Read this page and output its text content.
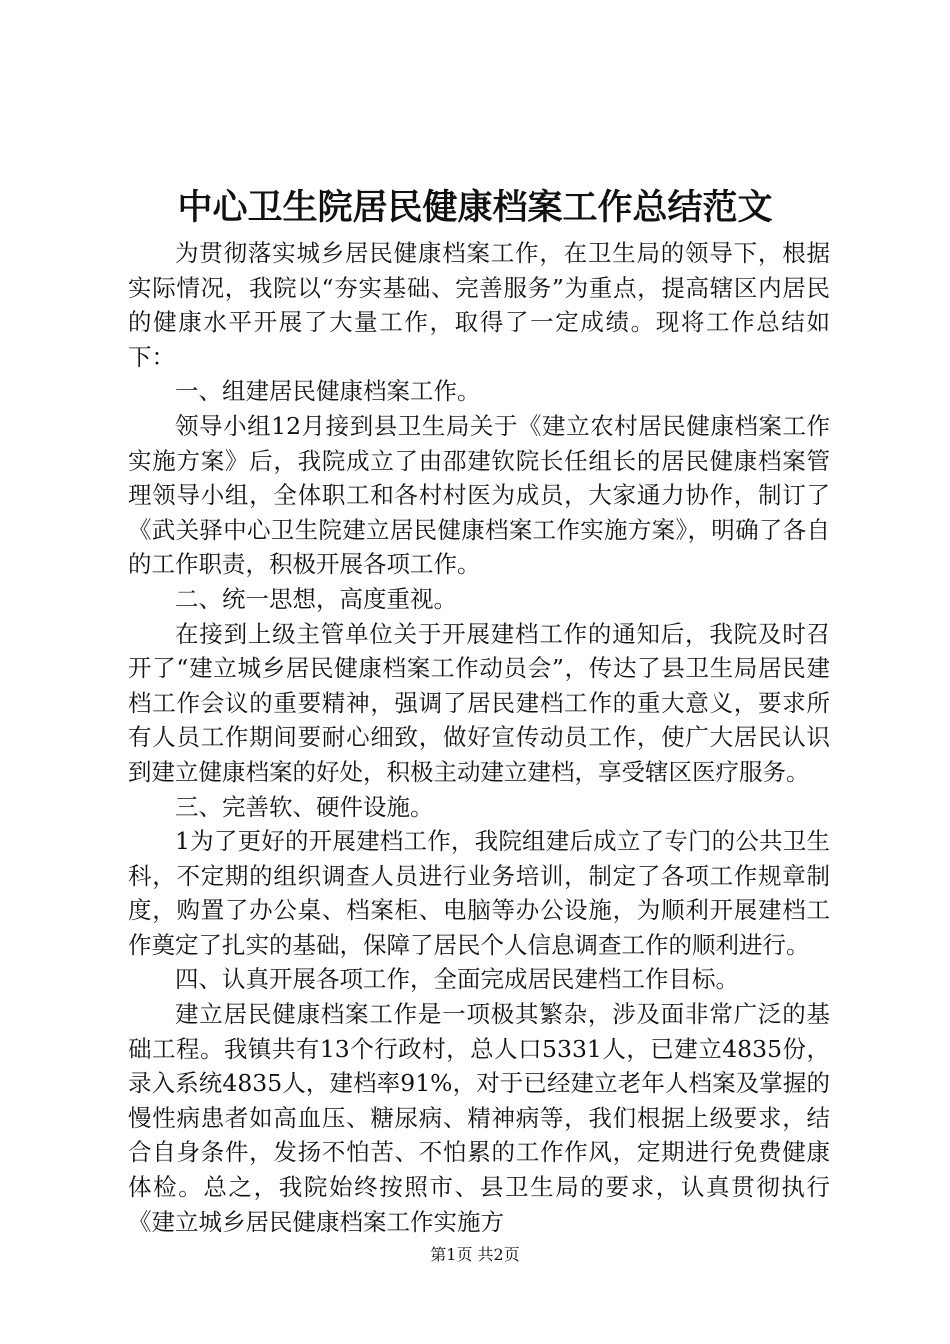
中心卫生院居民健康档案工作总结范文

为贯彻落实城乡居民健康档案工作，在卫生局的领导下，根据实际情况，我院以“夯实基础、完善服务”为重点，提高辖区内居民的健康水平开展了大量工作，取得了一定成绩。现将工作总结如下：

一、组建居民健康档案工作。

领导小组12月接到县卫生局关于《建立农村居民健康档案工作实施方案》后，我院成立了由邵建钦院长任组长的居民健康档案管理领导小组，全体职工和各村村医为成员，大家通力协作，制订了《武关驿中心卫生院建立居民健康档案工作实施方案》，明确了各自的工作职责，积极开展各项工作。

二、统一思想，高度重视。

在接到上级主管单位关于开展建档工作的通知后，我院及时召开了“建立城乡居民健康档案工作动员会”，传达了县卫生局居民建档工作会议的重要精神，强调了居民建档工作的重大意义，要求所有人员工作期间要耐心细致，做好宣传动员工作，使广大居民认识到建立健康档案的好处，积极主动建立建档，享受辖区医疗服务。

三、完善软、硬件设施。

1为了更好的开展建档工作，我院组建后成立了专门的公共卫生科，不定期的组织调查人员进行业务培训，制定了各项工作规章制度，购置了办公桌、档案柜、电脑等办公设施，为顺利开展建档工作奠定了扎实的基础，保障了居民个人信息调查工作的顺利进行。

四、认真开展各项工作，全面完成居民建档工作目标。

建立居民健康档案工作是一项极其繁杂，涉及面非常广泛的基础工程。我镇共有13个行政村，总人口5331人，已建立4835份，录入系统4835人，建档率91%，对于已经建立老年人档案及掌握的慢性病患者如高血压、糖尿病、精神病等，我们根据上级要求，结合自身条件，发扬不怕苦、不怕累的工作作风，定期进行免费健康体检。总之，我院始终按照市、县卫生局的要求，认真贯彻执行《建立城乡居民健康档案工作实施方

第1页 共2页
